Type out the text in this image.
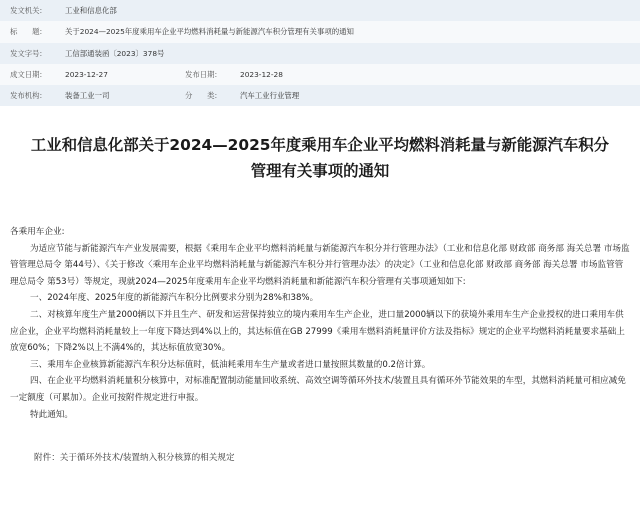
发文机关:	工业和信息化部
标　　题:	关于2024—2025年度乘用车企业平均燃料消耗量与新能源汽车积分管理有关事项的通知
发文字号:	工信部通装函〔2023〕378号
成文日期:	2023-12-27	发布日期:	2023-12-28
发布机构:	装备工业一司	分　　类:	汽车工业行业管理
工业和信息化部关于2024—2025年度乘用车企业平均燃料消耗量与新能源汽车积分
管理有关事项的通知

各乘用车企业:

为适应节能与新能源汽车产业发展需要，根据《乘用车企业平均燃料消耗量与新能源汽车积分并行管理办法》（工业和信息化部 财政部 商务部 海关总署 市场监管管理总局令 第44号）、《关于修改〈乘用车企业平均燃料消耗量与新能源汽车积分并行管理办法〉的决定》（工业和信息化部 财政部 商务部 海关总署 市场监管管理总局令 第53号）等规定，现就2024—2025年度乘用车企业平均燃料消耗量和新能源汽车积分管理有关事项通知如下:

一、2024年度、2025年度的新能源汽车积分比例要求分别为28%和38%。

二、对核算年度生产量2000辆以下并且生产、研发和运营保持独立的境内乘用车生产企业，进口量2000辆以下的获境外乘用车生产企业授权的进口乘用车供应企业，企业平均燃料消耗量较上一年度下降达到4%以上的，其达标值在GB 27999《乘用车燃料消耗量评价方法及指标》规定的企业平均燃料消耗量要求基础上放宽60%；下降2%以上不满4%的，其达标值放宽30%。

三、乘用车企业核算新能源汽车积分达标值时，低油耗乘用车生产量或者进口量按照其数量的0.2倍计算。

四、在企业平均燃料消耗量积分核算中，对标准配置制动能量回收系统、高效空调等循环外技术/装置且具有循环外节能效果的车型，其燃料消耗量可相应减免一定额度（可累加）。企业可按附件规定进行申报。

特此通知。

附件：关于循环外技术/装置纳入积分核算的相关规定
